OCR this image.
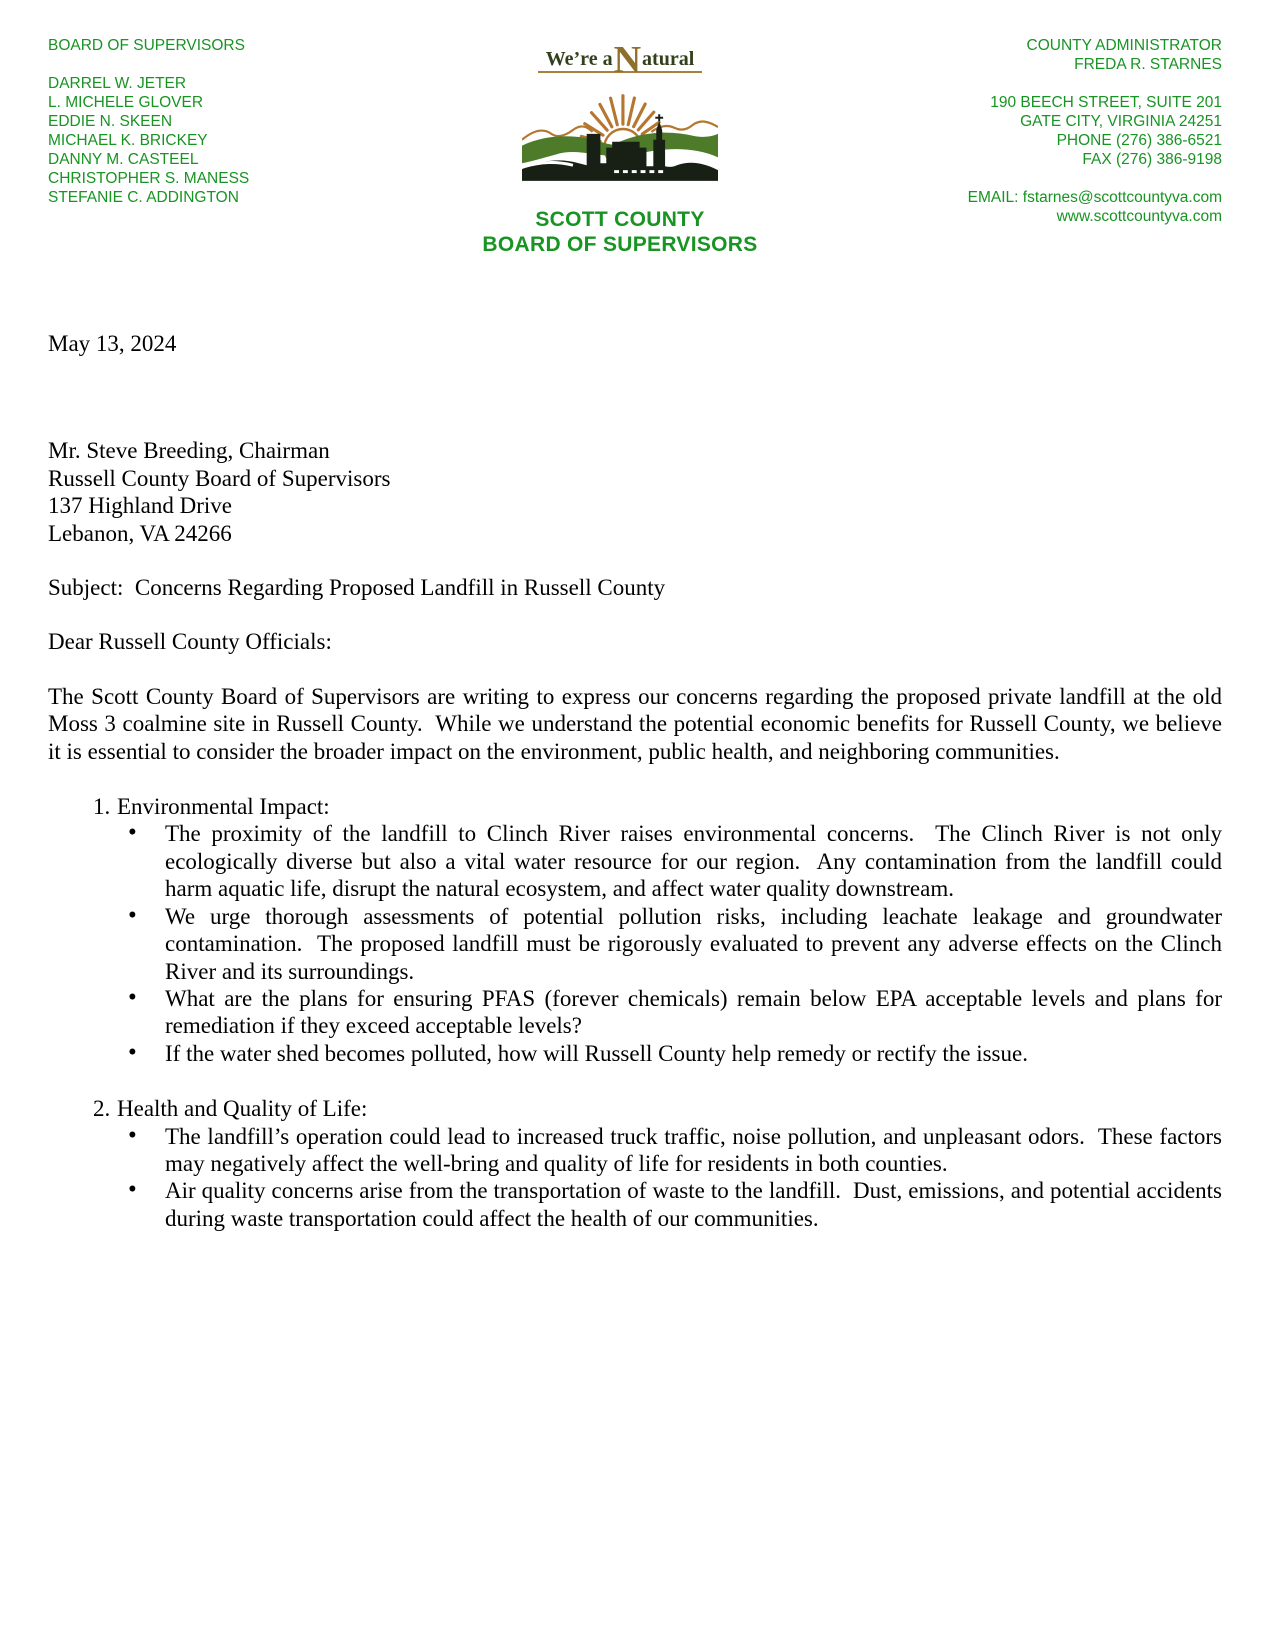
BOARD OF SUPERVISORS
DARREL W. JETER
L. MICHELE GLOVER
EDDIE N. SKEEN
MICHAEL K. BRICKEY
DANNY M. CASTEEL
CHRISTOPHER S. MANESS
STEFANIE C. ADDINGTON
We’re a N atural
SCOTT COUNTY
BOARD OF SUPERVISORS
COUNTY ADMINISTRATOR
FREDA R. STARNES
190 BEECH STREET, SUITE 201
GATE CITY, VIRGINIA 24251
PHONE (276) 386-6521
FAX (276) 386-9198
EMAIL: fstarnes@scottcountyva.com
www.scottcountyva.com
May 13, 2024
Mr. Steve Breeding, Chairman
Russell County Board of Supervisors
137 Highland Drive
Lebanon, VA 24266
Subject:  Concerns Regarding Proposed Landfill in Russell County
Dear Russell County Officials:
The Scott County Board of Supervisors are writing to express our concerns regarding the proposed private landfill at the old Moss 3 coalmine site in Russell County.  While we understand the potential economic benefits for Russell County, we believe it is essential to consider the broader impact on the environment, public health, and neighboring communities.
1. Environmental Impact:
• The proximity of the landfill to Clinch River raises environmental concerns.  The Clinch River is not only ecologically diverse but also a vital water resource for our region.  Any contamination from the landfill could harm aquatic life, disrupt the natural ecosystem, and affect water quality downstream.
• We urge thorough assessments of potential pollution risks, including leachate leakage and groundwater contamination.  The proposed landfill must be rigorously evaluated to prevent any adverse effects on the Clinch River and its surroundings.
• What are the plans for ensuring PFAS (forever chemicals) remain below EPA acceptable levels and plans for remediation if they exceed acceptable levels?
• If the water shed becomes polluted, how will Russell County help remedy or rectify the issue.
2. Health and Quality of Life:
• The landfill’s operation could lead to increased truck traffic, noise pollution, and unpleasant odors.  These factors may negatively affect the well-bring and quality of life for residents in both counties.
• Air quality concerns arise from the transportation of waste to the landfill.  Dust, emissions, and potential accidents during waste transportation could affect the health of our communities.
